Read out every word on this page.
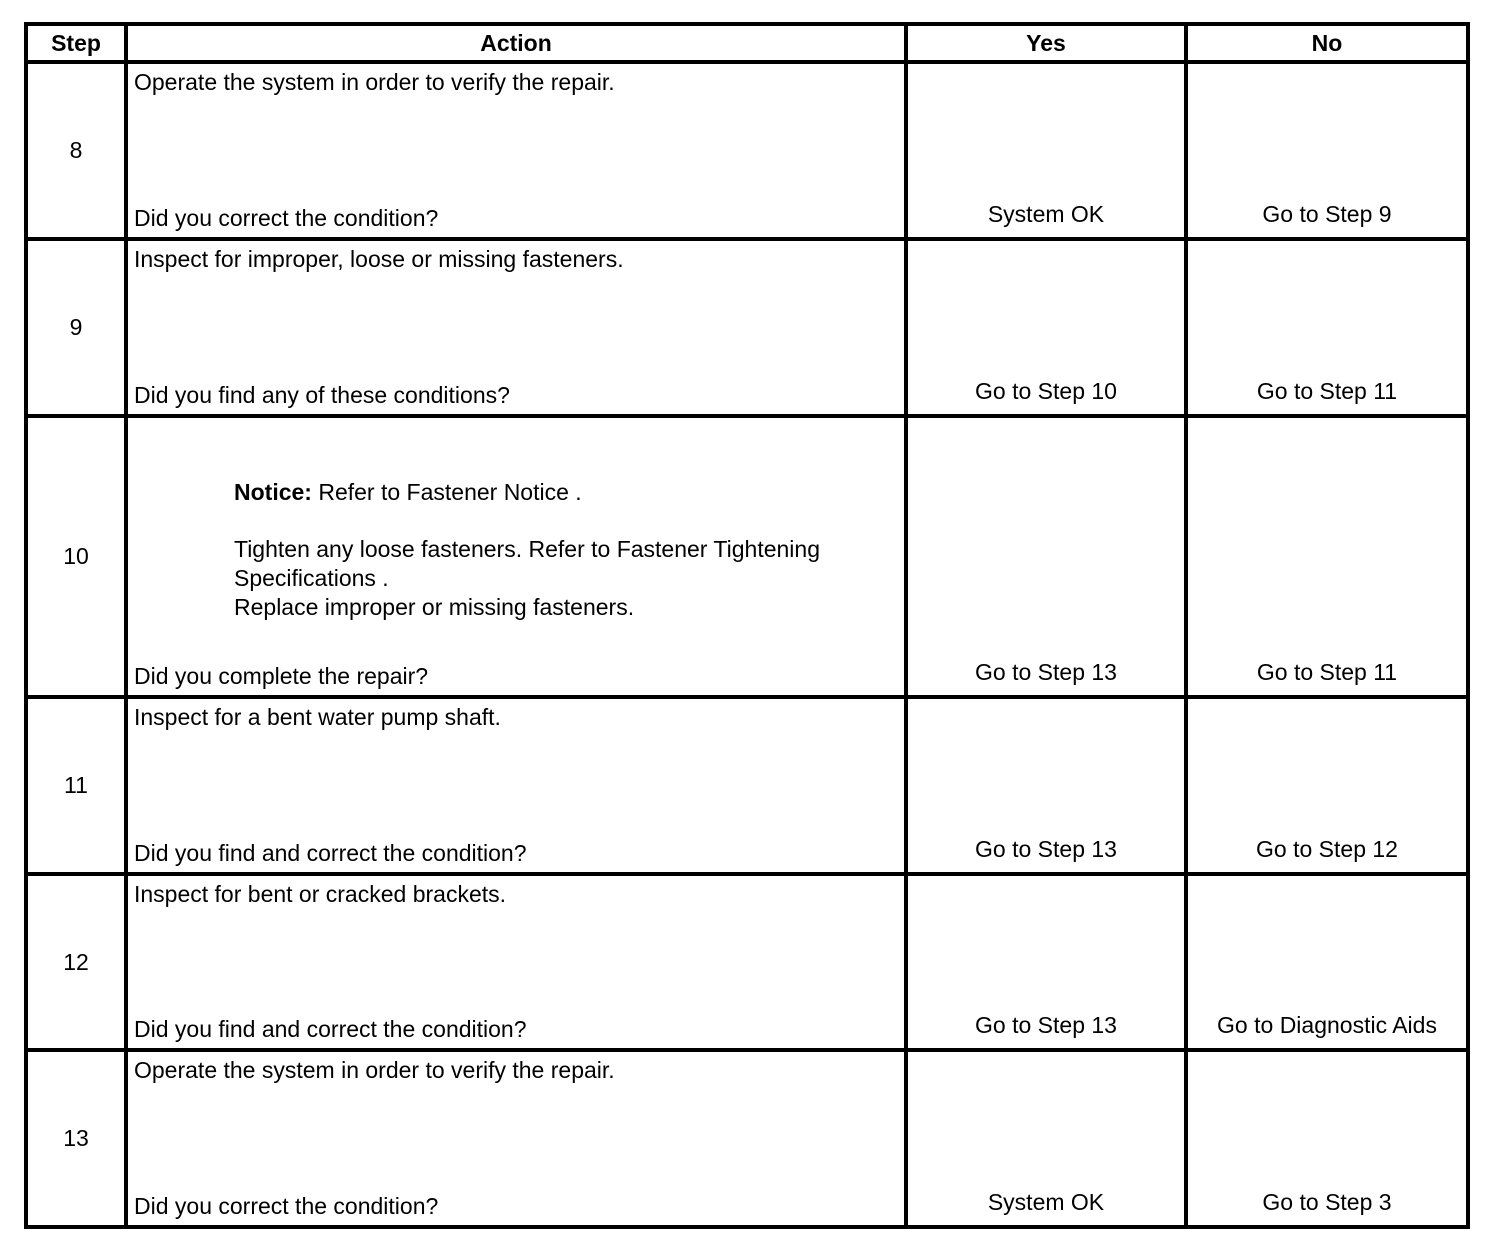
Step	Action	Yes	No
8	Operate the system in order to verify the repair.
Did you correct the condition?	System OK	Go to Step 9

9	Inspect for improper, loose or missing fasteners.
Did you find any of these conditions?	Go to Step 10	Go to Step 11

10	Notice: Refer to Fastener Notice .

Tighten any loose fasteners. Refer to Fastener Tightening Specifications .

Replace improper or missing fasteners.

Did you complete the repair?	Go to Step 13	Go to Step 11

11	Inspect for a bent water pump shaft.
Did you find and correct the condition?	Go to Step 13	Go to Step 12

12	Inspect for bent or cracked brackets.
Did you find and correct the condition?	Go to Step 13	Go to Diagnostic Aids

13	Operate the system in order to verify the repair.
Did you correct the condition?	System OK	Go to Step 3
